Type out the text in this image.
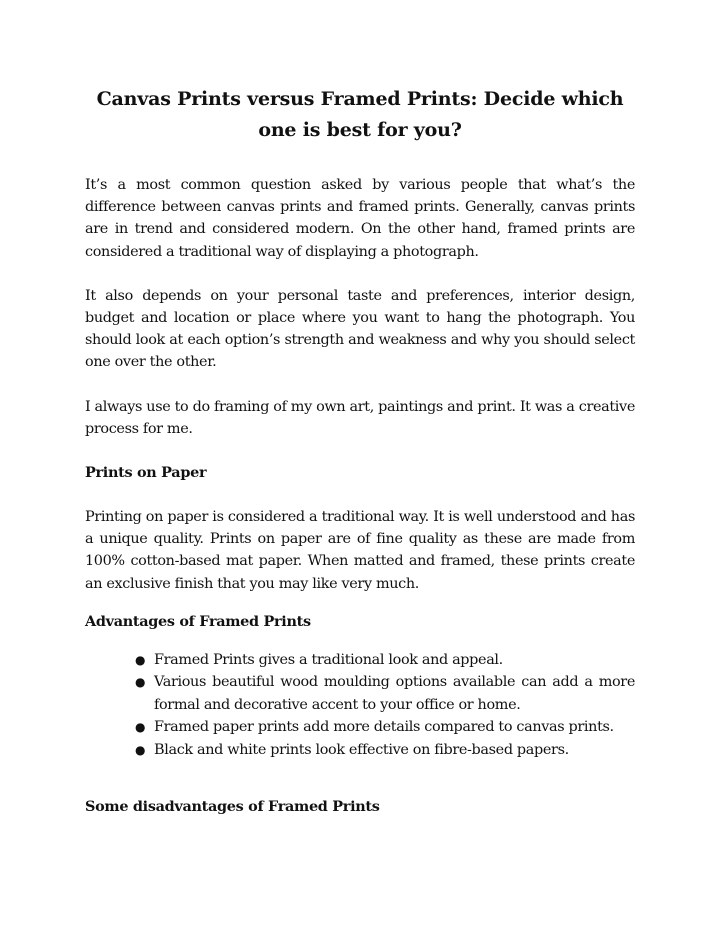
Canvas Prints versus Framed Prints: Decide which one is best for you?

It’s a most common question asked by various people that what’s the difference between canvas prints and framed prints. Generally, canvas prints are in trend and considered modern. On the other hand, framed prints are considered a traditional way of displaying a photograph.

It also depends on your personal taste and preferences, interior design, budget and location or place where you want to hang the photograph. You should look at each option’s strength and weakness and why you should select one over the other.

I always use to do framing of my own art, paintings and print. It was a creative process for me.

Prints on Paper

Printing on paper is considered a traditional way. It is well understood and has a unique quality. Prints on paper are of fine quality as these are made from 100% cotton-based mat paper. When matted and framed, these prints create an exclusive finish that you may like very much.

Advantages of Framed Prints
● Framed Prints gives a traditional look and appeal.
● Various beautiful wood moulding options available can add a more formal and decorative accent to your office or home.
● Framed paper prints add more details compared to canvas prints.
● Black and white prints look effective on fibre-based papers.
Some disadvantages of Framed Prints
